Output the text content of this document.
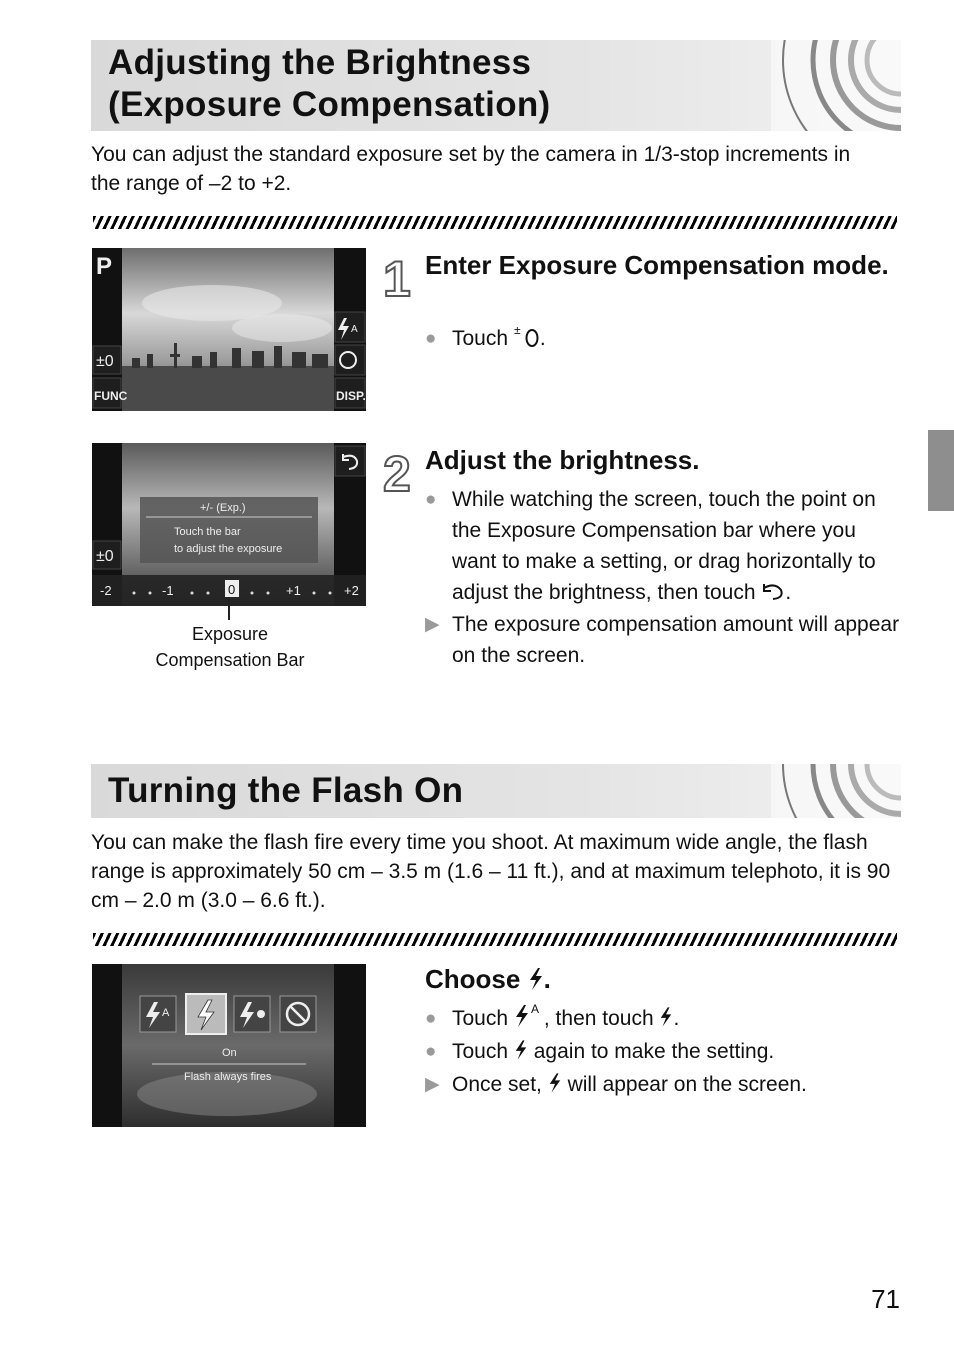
Adjusting the Brightness
(Exposure Compensation)

You can adjust the standard exposure set by the camera in 1/3-stop increments in the range of –2 to +2.

P
±0
FUNC
A
DISP.
1 Enter Exposure Compensation mode.
● Touch ± .
+/- (Exp.)
Touch the bar
to adjust the exposure
±0
-2	-1	0	+1	+2
Exposure
Compensation Bar
2 Adjust the brightness.
● While watching the screen, touch the point on the Exposure Compensation bar where you want to make a setting, or drag horizontally to adjust the brightness, then touch .
▶ The exposure compensation amount will appear on the screen.
Turning the Flash On

You can make the flash fire every time you shoot. At maximum wide angle, the flash range is approximately 50 cm – 3.5 m (1.6 – 11 ft.), and at maximum telephoto, it is 90 cm – 2.0 m (3.0 – 6.6 ft.).

A
On
Flash always fires
Choose .
● Touch A , then touch .
● Touch again to make the setting.
▶ Once set, will appear on the screen.
71
